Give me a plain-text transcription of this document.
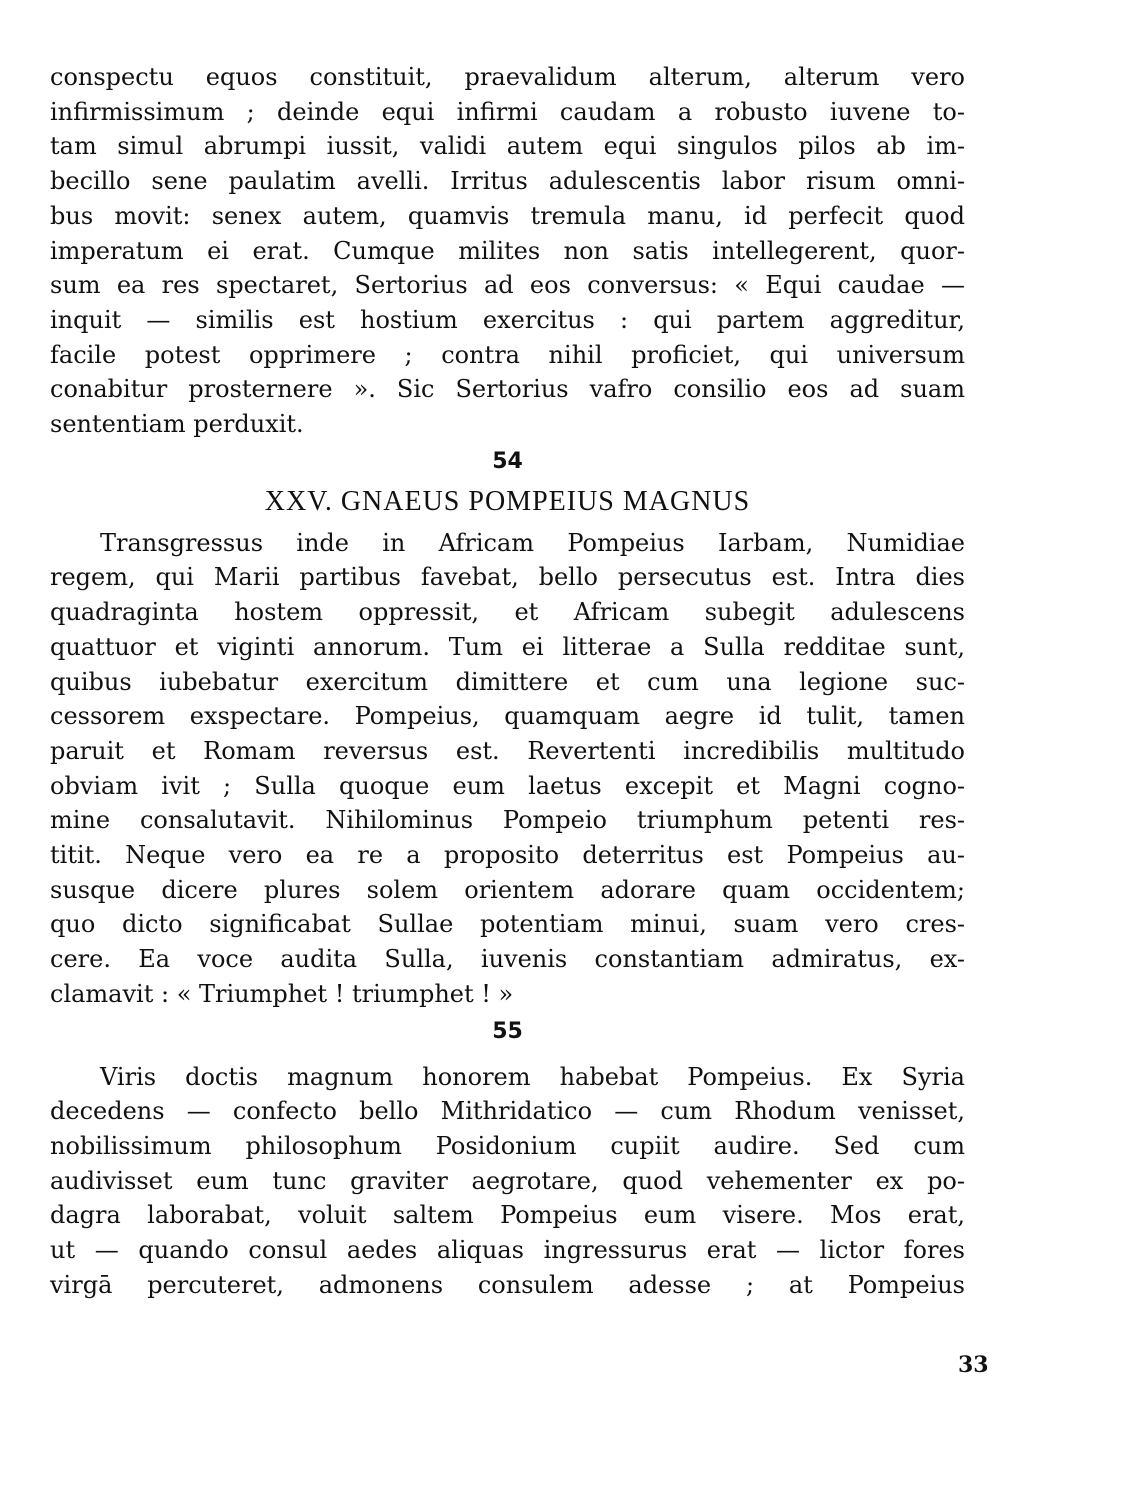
conspectu equos constituit, praevalidum alterum, alterum vero
infirmissimum ; deinde equi infirmi caudam a robusto iuvene to-
tam simul abrumpi iussit, validi autem equi singulos pilos ab im-
becillo sene paulatim avelli. Irritus adulescentis labor risum omni-
bus movit: senex autem, quamvis tremula manu, id perfecit quod
imperatum ei erat. Cumque milites non satis intellegerent, quor-
sum ea res spectaret, Sertorius ad eos conversus: « Equi caudae —
inquit — similis est hostium exercitus : qui partem aggreditur,
facile potest opprimere ; contra nihil proficiet, qui universum
conabitur prosternere ». Sic Sertorius vafro consilio eos ad suam
sententiam perduxit.
54
XXV. GNAEUS POMPEIUS MAGNUS
Transgressus inde in Africam Pompeius Iarbam, Numidiae
regem, qui Marii partibus favebat, bello persecutus est. Intra dies
quadraginta hostem oppressit, et Africam subegit adulescens
quattuor et viginti annorum. Tum ei litterae a Sulla redditae sunt,
quibus iubebatur exercitum dimittere et cum una legione suc-
cessorem exspectare. Pompeius, quamquam aegre id tulit, tamen
paruit et Romam reversus est. Revertenti incredibilis multitudo
obviam ivit ; Sulla quoque eum laetus excepit et Magni cogno-
mine consalutavit. Nihilominus Pompeio triumphum petenti res-
titit. Neque vero ea re a proposito deterritus est Pompeius au-
susque dicere plures solem orientem adorare quam occidentem;
quo dicto significabat Sullae potentiam minui, suam vero cres-
cere. Ea voce audita Sulla, iuvenis constantiam admiratus, ex-
clamavit : « Triumphet ! triumphet ! »
55
Viris doctis magnum honorem habebat Pompeius. Ex Syria
decedens — confecto bello Mithridatico — cum Rhodum venisset,
nobilissimum philosophum Posidonium cupiit audire. Sed cum
audivisset eum tunc graviter aegrotare, quod vehementer ex po-
dagra laborabat, voluit saltem Pompeius eum visere. Mos erat,
ut — quando consul aedes aliquas ingressurus erat — lictor fores
virgā percuteret, admonens consulem adesse ; at Pompeius
33
